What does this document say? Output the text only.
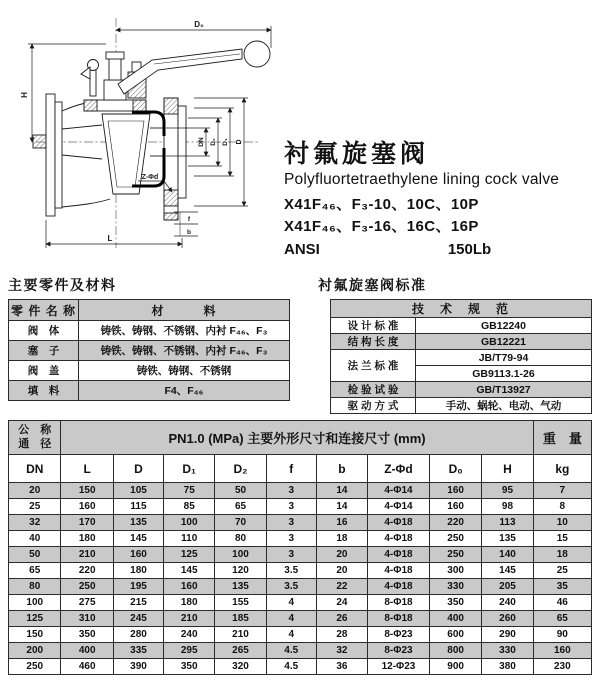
D₀
H
DN D₂ D₁ D
Z-Φd
f
b
L
衬氟旋塞阀
Polyfluortetraethylene lining cock valve
X41F₄₆、F₃-10、10C、10P
X41F₄₆、F₃-16、16C、16P
ANSI	150Lb
主要零件及材料
零 件 名 称	材　　　料
阀　体	铸铁、铸钢、不锈钢、内衬 F₄₆、F₃
塞　子	铸铁、铸钢、不锈钢、内衬 F₄₆、F₃
阀　盖	铸铁、铸钢、不锈钢
填　料	F4、F₄₆
衬氟旋塞阀标准
技　术　规　范	
设 计 标 准	GB12240
结 构 长 度	GB12221
法 兰 标 准	JB/T79-94
	GB9113.1-26
检 验 试 验	GB/T13927
驱 动 方 式	手动、蜗轮、电动、气动
公　称
通　径	PN1.0 (MPa) 主要外形尺寸和连接尺寸 (mm)									重　量
DN	L	D	D₁	D₂	f	b	Z-Φd	D₀	H	kg
20	150	105	75	50	3	14	4-Φ14	160	95	7
25	160	115	85	65	3	14	4-Φ14	160	98	8
32	170	135	100	70	3	16	4-Φ18	220	113	10
40	180	145	110	80	3	18	4-Φ18	250	135	15
50	210	160	125	100	3	20	4-Φ18	250	140	18
65	220	180	145	120	3.5	20	4-Φ18	300	145	25
80	250	195	160	135	3.5	22	4-Φ18	330	205	35
100	275	215	180	155	4	24	8-Φ18	350	240	46
125	310	245	210	185	4	26	8-Φ18	400	260	65
150	350	280	240	210	4	28	8-Φ23	600	290	90
200	400	335	295	265	4.5	32	8-Φ23	800	330	160
250	460	390	350	320	4.5	36	12-Φ23	900	380	230
